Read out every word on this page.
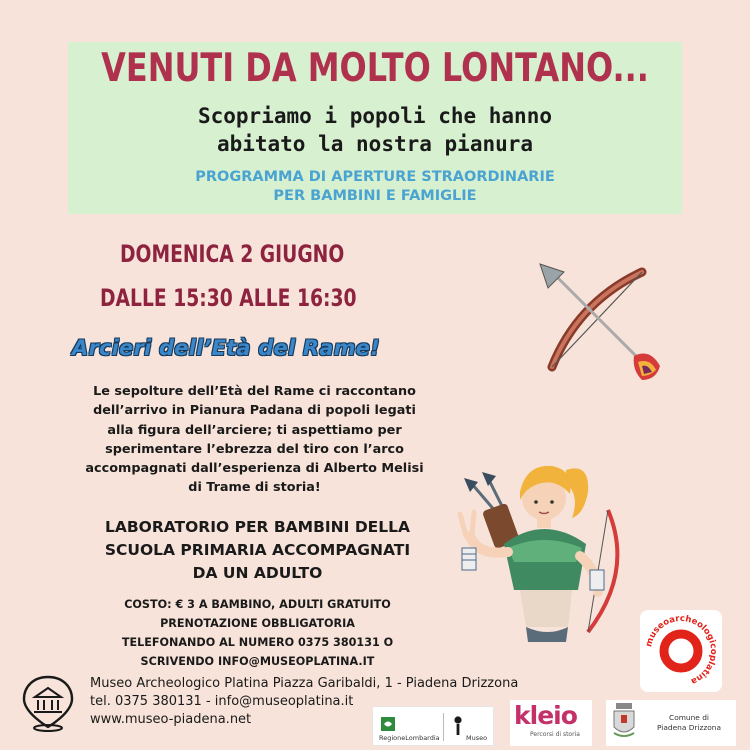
VENUTI DA MOLTO LONTANO...
Scopriamo i popoli che hanno
abitato la nostra pianura
PROGRAMMA DI APERTURE STRAORDINARIE
PER BAMBINI E FAMIGLIE
DOMENICA 2 GIUGNO
DALLE 15:30 ALLE 16:30
Arcieri dell’Età del Rame!
Le sepolture dell’Età del Rame ci raccontano
dell’arrivo in Pianura Padana di popoli legati
alla figura dell’arciere; ti aspettiamo per
sperimentare l’ebrezza del tiro con l’arco
accompagnati dall’esperienza di Alberto Melisi
di Trame di storia!
LABORATORIO PER BAMBINI DELLA
SCUOLA PRIMARIA ACCOMPAGNATI
DA UN ADULTO
COSTO: € 3 A BAMBINO, ADULTI GRATUITO
PRENOTAZIONE OBBLIGATORIA
TELEFONANDO AL NUMERO 0375 380131 O
SCRIVENDO INFO@MUSEOPLATINA.IT
museoarcheologicoplatina
Museo Archeologico Platina Piazza Garibaldi, 1 - Piadena Drizzona
tel. 0375 380131 - info@museoplatina.it
www.museo-piadena.net
RegioneLombardia	Museo
kleio
Percorsi di storia
Comune di
Piadena Drizzona
